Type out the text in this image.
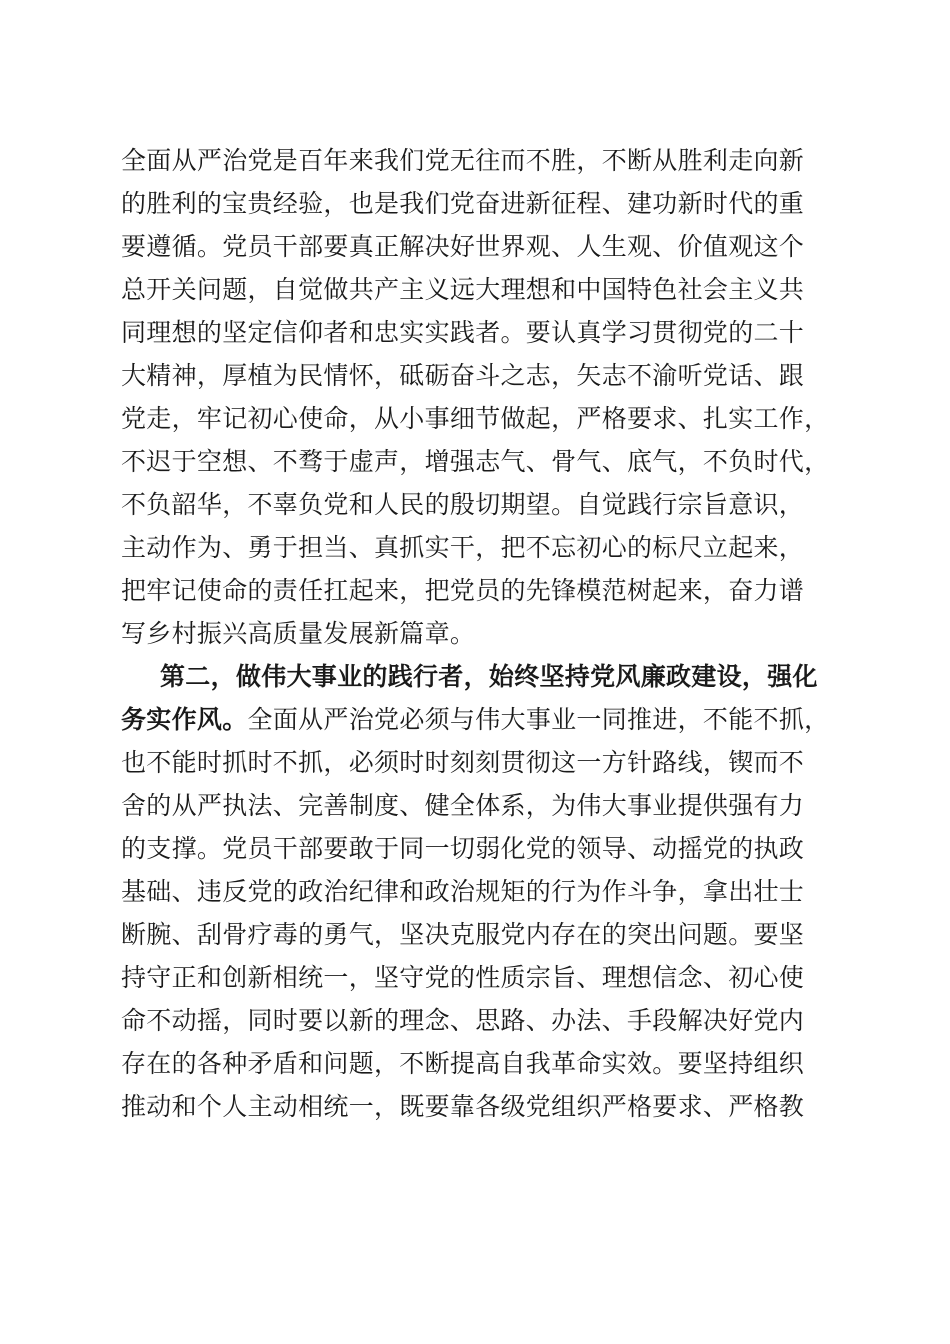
全面从严治党是百年来我们党无往而不胜，不断从胜利走向新
的胜利的宝贵经验，也是我们党奋进新征程、建功新时代的重
要遵循。党员干部要真正解决好世界观、人生观、价值观这个
总开关问题，自觉做共产主义远大理想和中国特色社会主义共
同理想的坚定信仰者和忠实实践者。要认真学习贯彻党的二十
大精神，厚植为民情怀，砥砺奋斗之志，矢志不渝听党话、跟
党走，牢记初心使命，从小事细节做起，严格要求、扎实工作，
不迟于空想、不骛于虚声，增强志气、骨气、底气，不负时代，
不负韶华，不辜负党和人民的殷切期望。自觉践行宗旨意识，
主动作为、勇于担当、真抓实干，把不忘初心的标尺立起来，
把牢记使命的责任扛起来，把党员的先锋模范树起来，奋力谱
写乡村振兴高质量发展新篇章。
第二，做伟大事业的践行者，始终坚持党风廉政建设，强化
务实作风。全面从严治党必须与伟大事业一同推进，不能不抓，
也不能时抓时不抓，必须时时刻刻贯彻这一方针路线，锲而不
舍的从严执法、完善制度、健全体系，为伟大事业提供强有力
的支撑。党员干部要敢于同一切弱化党的领导、动摇党的执政
基础、违反党的政治纪律和政治规矩的行为作斗争，拿出壮士
断腕、刮骨疗毒的勇气，坚决克服党内存在的突出问题。要坚
持守正和创新相统一，坚守党的性质宗旨、理想信念、初心使
命不动摇，同时要以新的理念、思路、办法、手段解决好党内
存在的各种矛盾和问题，不断提高自我革命实效。要坚持组织
推动和个人主动相统一，既要靠各级党组织严格要求、严格教
